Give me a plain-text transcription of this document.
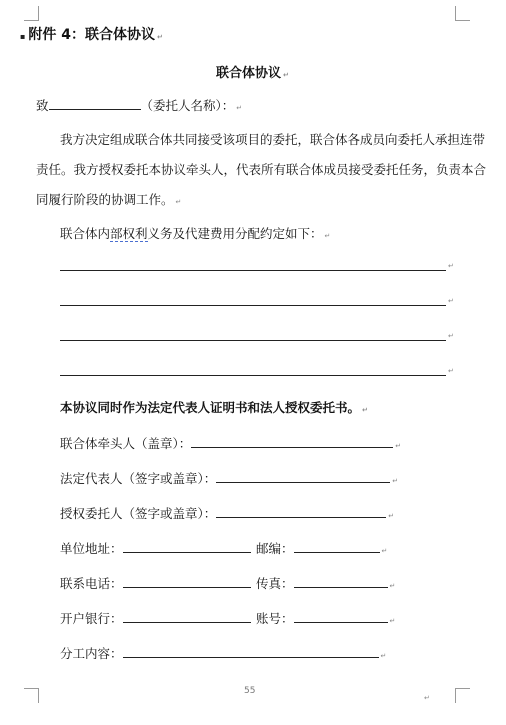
▪ 附件 4：联合体协议 ↵
联合体协议 ↵
致	（委托人名称）： ↵
我方决定组成联合体共同接受该项目的委托，联合体各成员向委托人承担连带
责任。我方授权委托本协议牵头人，代表所有联合体成员接受委托任务，负责本合
同履行阶段的协调工作。 ↵
联合体内部权利义务及代建费用分配约定如下： ↵
↵
↵
↵
↵
本协议同时作为法定代表人证明书和法人授权委托书。 ↵
联合体牵头人（盖章）：	↵
法定代表人（签字或盖章）：	↵
授权委托人（签字或盖章）：	↵
单位地址：	邮编：	↵
联系电话：	传真：	↵
开户银行：	账号：	↵
分工内容：	↵
55
↵
